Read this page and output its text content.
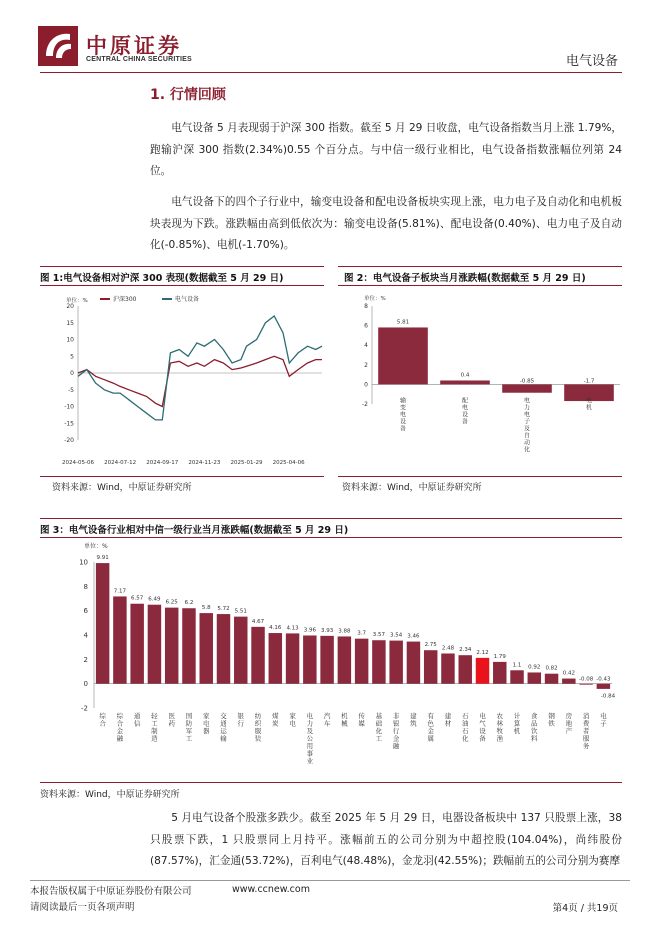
中原证券
CENTRAL CHINA SECURITIES	电气设备
1. 行情回顾
电气设备 5 月表现弱于沪深 300 指数。截至 5 月 29 日收盘，电气设备指数当月上涨 1.79%，跑输沪深 300 指数(2.34%)0.55 个百分点。与中信一级行业相比，电气设备指数涨幅位列第 24 位。
电气设备下的四个子行业中，输变电设备和配电设备板块实现上涨，电力电子及自动化和电机板块表现为下跌。涨跌幅由高到低依次为：输变电设备(5.81%)、配电设备(0.40%)、电力电子及自动化(-0.85%)、电机(-1.70%)。
图 1:电气设备相对沪深 300 表现(数据截至 5 月 29 日)	图 2：电气设备子板块当月涨跌幅(数据截至 5 月 29 日)
单位：%
-20
-15
-10
-5
0
5
10
15
20
2024-05-06 2024-07-12 2024-09-17 2024-11-23 2025-01-29 2025-04-06
沪深300	电气设备	单位：%
-2
0
2
4
6
8
5.81
输变电设备
0.4
配电设备
-0.85
电力电子及自动化
-1.7
电机
资料来源：Wind，中原证券研究所	资料来源：Wind，中原证券研究所
图 3：电气设备行业相对中信一级行业当月涨跌幅(数据截至 5 月 29 日)
单位：%
-2
0
2
4
6
8
10
9.91
综合
7.17
综合金融
6.57
通信
6.49
轻工制造
6.25
医药
6.2
国防军工
5.8
家电器
5.72
交通运输
5.51
银行
4.67
纺织服装
4.16
煤炭
4.13
家电
3.96
电力及公用事业
3.93
汽车
3.88
机械
3.7
传媒
3.57
基础化工
3.54
非银行金融
3.46
建筑
2.75
有色金属
2.48
建材
2.34
石油石化
2.12
电气设备
1.79
农林牧渔
1.1
计算机
0.92
食品饮料
0.82
钢铁
0.42
房地产
-0.08
消费者服务
-0.43
电子
-0.84
资料来源：Wind，中原证券研究所
5 月电气设备个股涨多跌少。截至 2025 年 5 月 29 日，电器设备板块中 137 只股票上涨，38 只股票下跌，1 只股票同上月持平。涨幅前五的公司分别为中超控股(104.04%)，尚纬股份(87.57%)，汇金通(53.72%)，百利电气(48.48%)，金龙羽(42.55%)；跌幅前五的公司分别为赛摩
本报告版权属于中原证券股份有限公司
请阅读最后一页各项声明
www.ccnew.com
第4页 / 共19页
